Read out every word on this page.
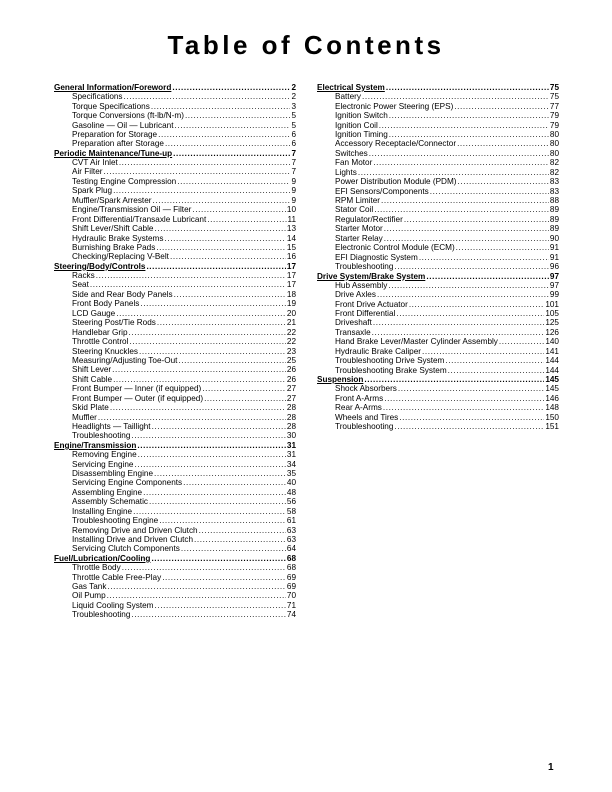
Table of Contents
General Information/Foreword .....	2
Specifications .....	2
Torque Specifications .....	3
Torque Conversions (ft-lb/N-m) .....	5
Gasoline — Oil — Lubricant .....	5
Preparation for Storage .....	6
Preparation after Storage .....	6
Periodic Maintenance/Tune-up .....	7
CVT Air Inlet .....	7
Air Filter .....	7
Testing Engine Compression .....	9
Spark Plug .....	9
Muffler/Spark Arrester .....	9
Engine/Transmission Oil — Filter .....	10
Front Differential/Transaxle Lubricant .....	11
Shift Lever/Shift Cable .....	13
Hydraulic Brake Systems .....	14
Burnishing Brake Pads .....	15
Checking/Replacing V-Belt .....	16
Steering/Body/Controls .....	17
Racks .....	17
Seat .....	17
Side and Rear Body Panels .....	18
Front Body Panels .....	19
LCD Gauge .....	20
Steering Post/Tie Rods .....	21
Handlebar Grip .....	22
Throttle Control .....	22
Steering Knuckles .....	23
Measuring/Adjusting Toe-Out .....	25
Shift Lever .....	26
Shift Cable .....	26
Front Bumper — Inner (if equipped) .....	27
Front Bumper — Outer (if equipped) .....	27
Skid Plate .....	28
Muffler .....	28
Headlights — Taillight .....	28
Troubleshooting .....	30
Engine/Transmission .....	31
Removing Engine .....	31
Servicing Engine .....	34
Disassembling Engine .....	35
Servicing Engine Components .....	40
Assembling Engine .....	48
Assembly Schematic .....	56
Installing Engine .....	58
Troubleshooting Engine .....	61
Removing Drive and Driven Clutch .....	63
Installing Drive and Driven Clutch .....	63
Servicing Clutch Components .....	64
Fuel/Lubrication/Cooling .....	68
Throttle Body .....	68
Throttle Cable Free-Play .....	69
Gas Tank .....	69
Oil Pump .....	70
Liquid Cooling System .....	71
Troubleshooting .....	74
Electrical System .....	75
Battery .....	75
Electronic Power Steering (EPS) .....	77
Ignition Switch .....	79
Ignition Coil .....	79
Ignition Timing .....	80
Accessory Receptacle/Connector .....	80
Switches .....	80
Fan Motor .....	82
Lights .....	82
Power Distribution Module (PDM) .....	83
EFI Sensors/Components .....	83
RPM Limiter .....	88
Stator Coil .....	89
Regulator/Rectifier .....	89
Starter Motor .....	89
Starter Relay .....	90
Electronic Control Module (ECM) .....	91
EFI Diagnostic System .....	91
Troubleshooting .....	96
Drive System/Brake System .....	97
Hub Assembly .....	97
Drive Axles .....	99
Front Drive Actuator .....	101
Front Differential .....	105
Driveshaft .....	125
Transaxle .....	126
Hand Brake Lever/Master Cylinder Assembly .....	140
Hydraulic Brake Caliper .....	141
Troubleshooting Drive System .....	144
Troubleshooting Brake System .....	144
Suspension .....	145
Shock Absorbers .....	145
Front A-Arms .....	146
Rear A-Arms .....	148
Wheels and Tires .....	150
Troubleshooting .....	151
1
